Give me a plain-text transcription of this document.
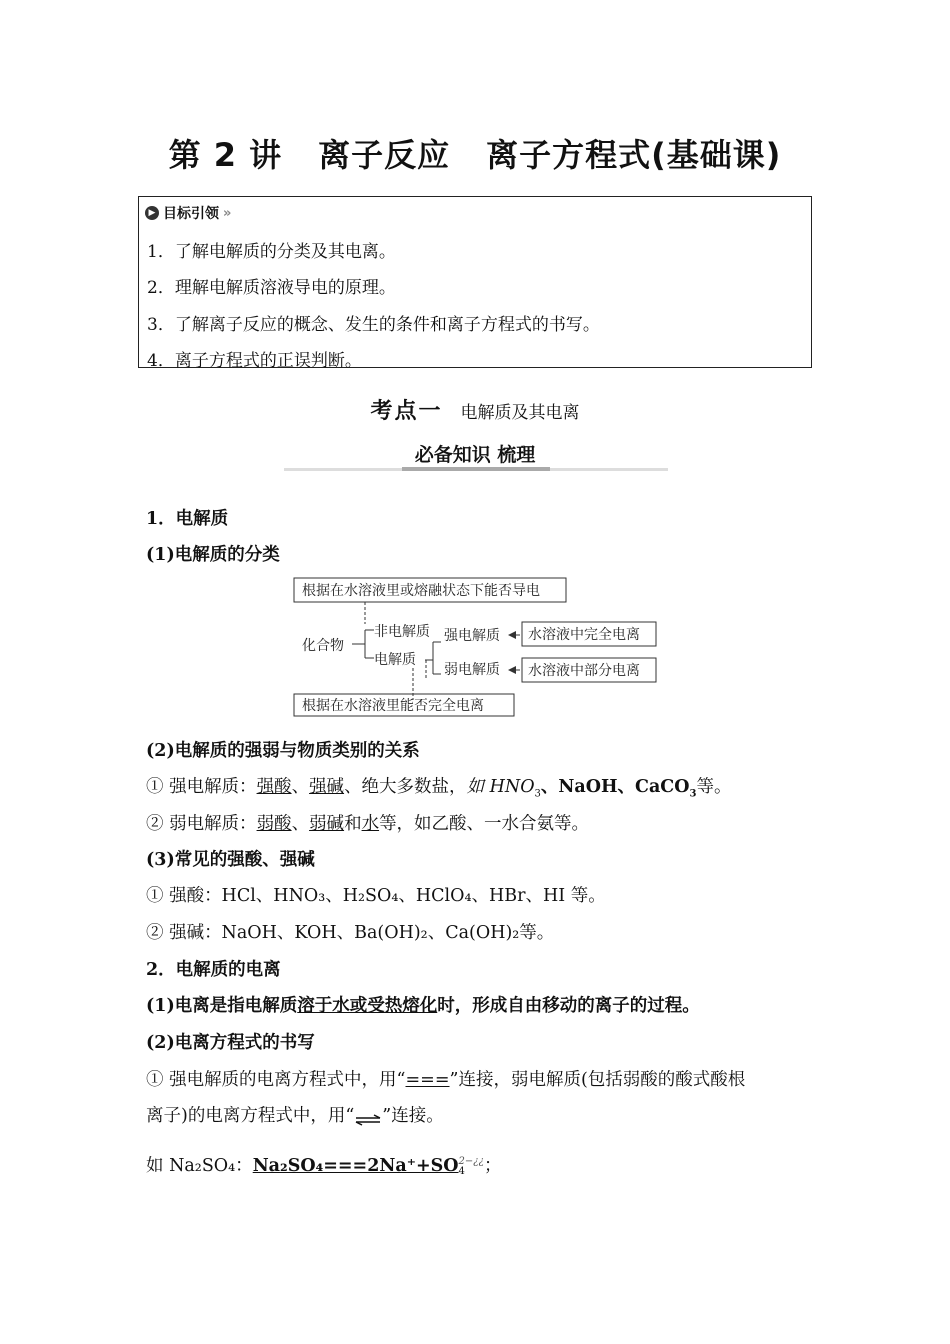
第 2 讲 离子反应 离子方程式(基础课)
▶ 目标引领 »
1．了解电解质的分类及其电离。
2．理解电解质溶液导电的原理。
3．了解离子反应的概念、发生的条件和离子方程式的书写。
4．离子方程式的正误判断。
考点一 电解质及其电离
必备知识 梳理
1．电解质
(1)电解质的分类
根据在水溶液里或熔融状态下能否导电
化合物
非电解质
电解质
根据在水溶液里能否完全电离
强电解质
弱电解质
水溶液中完全电离
水溶液中部分电离
(2)电解质的强弱与物质类别的关系
① 强电解质：强酸、强碱、绝大多数盐，如 $HNO_3$、NaOH、CaCO$_3$等。
② 弱电解质：弱酸、弱碱和水等，如乙酸、一水合氨等。
(3)常见的强酸、强碱
① 强酸：HCl、HNO₃、H₂SO₄、HClO₄、HBr、HI 等。
② 强碱：NaOH、KOH、Ba(OH)₂、Ca(OH)₂等。
2．电解质的电离
(1)电离是指电解质溶于水或受热熔化时，形成自由移动的离子的过程。
(2)电离方程式的书写
① 强电解质的电离方程式中，用“===”连接，弱电解质(包括弱酸的酸式酸根
离子)的电离方程式中，用“⇌”连接。
如 Na₂SO₄：Na₂SO₄===2Na⁺+SO 2−¿¿
4	；
